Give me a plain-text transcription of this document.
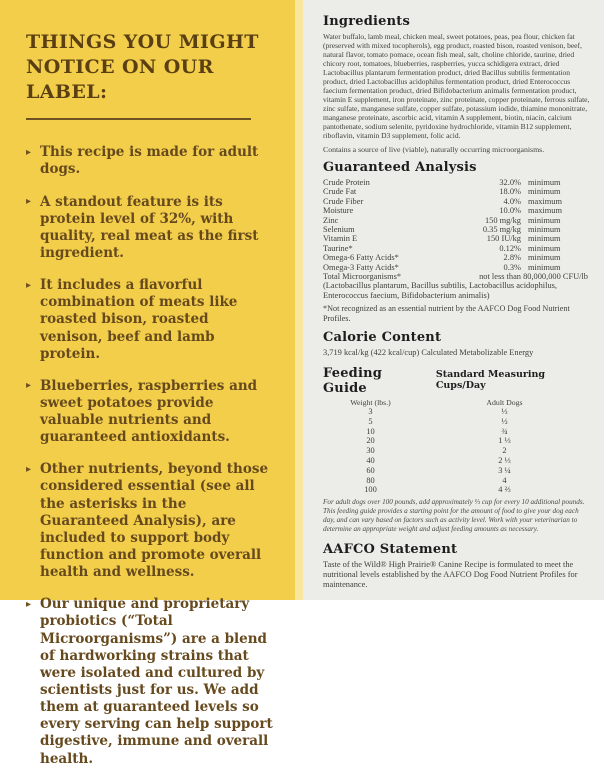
THINGS YOU MIGHT
NOTICE ON OUR LABEL:
▸ This recipe is made for adult dogs.
▸ A standout feature is its protein level of 32%, with quality, real meat as the first ingredient.
▸ It includes a flavorful combination of meats like roasted bison, roasted venison, beef and lamb protein.
▸ Blueberries, raspberries and sweet potatoes provide valuable nutrients and guaranteed antioxidants.
▸ Other nutrients, beyond those considered essential (see all the asterisks in the Guaranteed Analysis), are included to support body function and promote overall health and wellness.
▸ Our unique and proprietary probiotics (“Total Microorganisms”) are a blend of hardworking strains that were isolated and cultured by scientists just for us. We add them at guaranteed levels so every serving can help support digestive, immune and overall health.
Ingredients

Water buffalo, lamb meal, chicken meal, sweet potatoes, peas, pea flour, chicken fat (preserved with mixed tocopherols), egg product, roasted bison, roasted venison, beef, natural flavor, tomato pomace, ocean fish meal, salt, choline chloride, taurine, dried chicory root, tomatoes, blueberries, raspberries, yucca schidigera extract, dried Lactobacillus plantarum fermentation product, dried Bacillus subtilis fermentation product, dried Lactobacillus acidophilus fermentation product, dried Enterococcus faecium fermentation product, dried Bifidobacterium animalis fermentation product, vitamin E supplement, iron proteinate, zinc proteinate, copper proteinate, ferrous sulfate, zinc sulfate, manganese sulfate, copper sulfate, potassium iodide, thiamine mononitrate, manganese proteinate, ascorbic acid, vitamin A supplement, biotin, niacin, calcium pantothenate, sodium selenite, pyridoxine hydrochloride, vitamin B12 supplement, riboflavin, vitamin D3 supplement, folic acid.

Contains a source of live (viable), naturally occurring microorganisms.

Guaranteed Analysis
Crude Protein	32.0% minimum
Crude Fat	18.0% minimum
Crude Fiber	4.0% maximum
Moisture	10.0% maximum
Zinc	150 mg/kg minimum
Selenium	0.35 mg/kg minimum
Vitamin E	150 IU/kg minimum
Taurine*	0.12% minimum
Omega-6 Fatty Acids*	2.8% minimum
Omega-3 Fatty Acids*	0.3% minimum
Total Microorganisms*	not less than 80,000,000 CFU/lb

(Lactobacillus plantarum, Bacillus subtilis, Lactobacillus acidophilus, Enterococcus faecium, Bifidobacterium animalis)

*Not recognized as an essential nutrient by the AAFCO Dog Food Nutrient Profiles.

Calorie Content

3,719 kcal/kg (422 kcal/cup) Calculated Metabolizable Energy

Feeding Guide
Standard Measuring Cups/Day
Weight (lbs.)	Adult Dogs
3	⅓
5	½
10	¾
20	1 ⅓
30	2
40	2 ⅓
60	3 ¼
80	4
100	4 ⅔

For adult dogs over 100 pounds, add approximately ⅓ cup for every 10 additional pounds. This feeding guide provides a starting point for the amount of food to give your dog each day, and can vary based on factors such as activity level. Work with your veterinarian to determine an appropriate weight and adjust feeding amounts as necessary.

AAFCO Statement

Taste of the Wild® High Prairie® Canine Recipe is formulated to meet the nutritional levels established by the AAFCO Dog Food Nutrient Profiles for maintenance.
